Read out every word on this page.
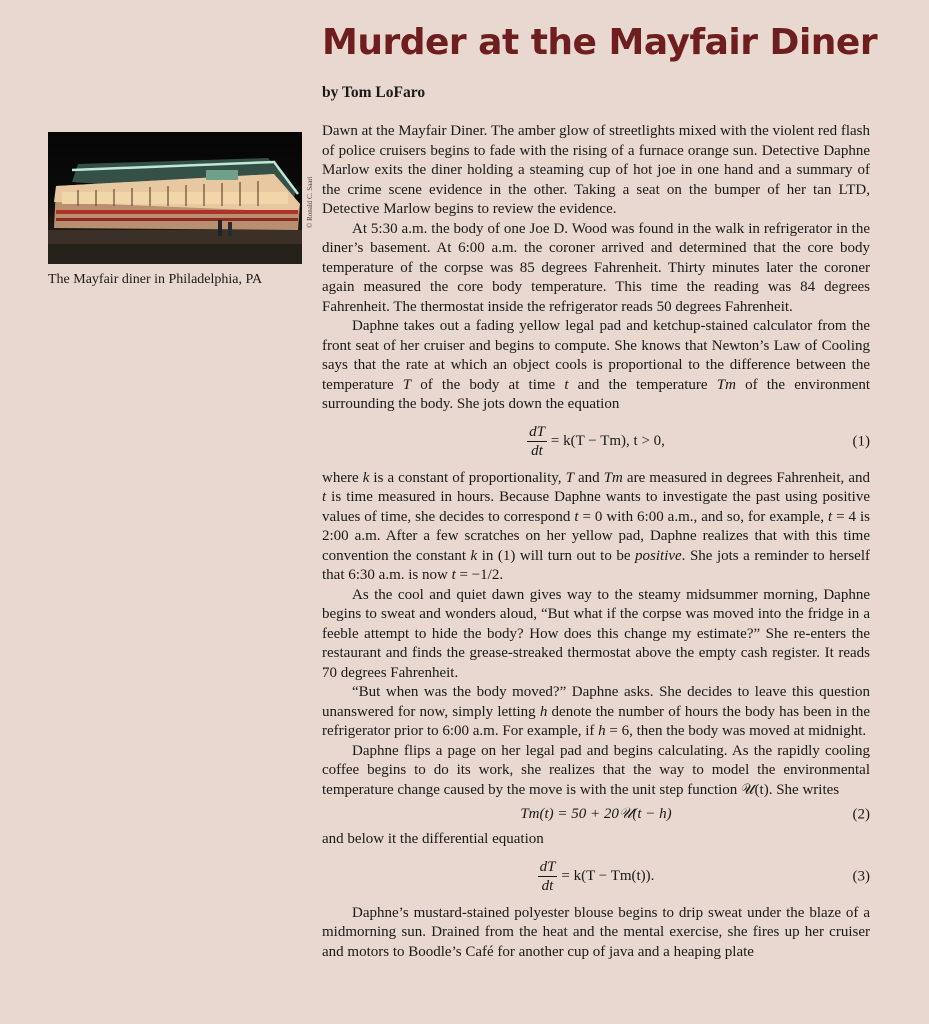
Murder at the Mayfair Diner
by Tom LoFaro
© Ronald C. Saari
The Mayfair diner in Philadelphia, PA

Dawn at the Mayfair Diner. The amber glow of streetlights mixed with the violent red flash of police cruisers begins to fade with the rising of a furnace orange sun. Detective Daphne Marlow exits the diner holding a steaming cup of hot joe in one hand and a summary of the crime scene evidence in the other. Taking a seat on the bumper of her tan LTD, Detective Marlow begins to review the evidence.

At 5:30 a.m. the body of one Joe D. Wood was found in the walk in refrigerator in the diner’s basement. At 6:00 a.m. the coroner arrived and determined that the core body temperature of the corpse was 85 degrees Fahrenheit. Thirty minutes later the coroner again measured the core body temperature. This time the reading was 84 degrees Fahrenheit. The thermostat inside the refrigerator reads 50 degrees Fahrenheit.

Daphne takes out a fading yellow legal pad and ketchup-stained calculator from the front seat of her cruiser and begins to compute. She knows that Newton’s Law of Cooling says that the rate at which an object cools is proportional to the difference between the temperature T of the body at time t and the temperature Tm of the environment surrounding the body. She jots down the equation

$\frac{dT}{dt} = k(T - Tm)$, t > 0,	(1)

where k is a constant of proportionality, T and Tm are measured in degrees Fahrenheit, and t is time measured in hours. Because Daphne wants to investigate the past using positive values of time, she decides to correspond t = 0 with 6:00 a.m., and so, for example, t = 4 is 2:00 a.m. After a few scratches on her yellow pad, Daphne realizes that with this time convention the constant k in (1) will turn out to be positive. She jots a reminder to herself that 6:30 a.m. is now t = −1/2.

As the cool and quiet dawn gives way to the steamy midsummer morning, Daphne begins to sweat and wonders aloud, “But what if the corpse was moved into the fridge in a feeble attempt to hide the body? How does this change my estimate?” She re-enters the restaurant and finds the grease-streaked thermostat above the empty cash register. It reads 70 degrees Fahrenheit.

“But when was the body moved?” Daphne asks. She decides to leave this question unanswered for now, simply letting h denote the number of hours the body has been in the refrigerator prior to 6:00 a.m. For example, if h = 6, then the body was moved at midnight.

Daphne flips a page on her legal pad and begins calculating. As the rapidly cooling coffee begins to do its work, she realizes that the way to model the environmental temperature change caused by the move is with the unit step function 𝒰(t). She writes

Tm(t) = 50 + 20𝒰(t − h)	(2)

and below it the differential equation

$\frac{dT}{dt} = k(T - Tm(t))$.	(3)

Daphne’s mustard-stained polyester blouse begins to drip sweat under the blaze of a midmorning sun. Drained from the heat and the mental exercise, she fires up her cruiser and motors to Boodle’s Café for another cup of java and a heaping plate
